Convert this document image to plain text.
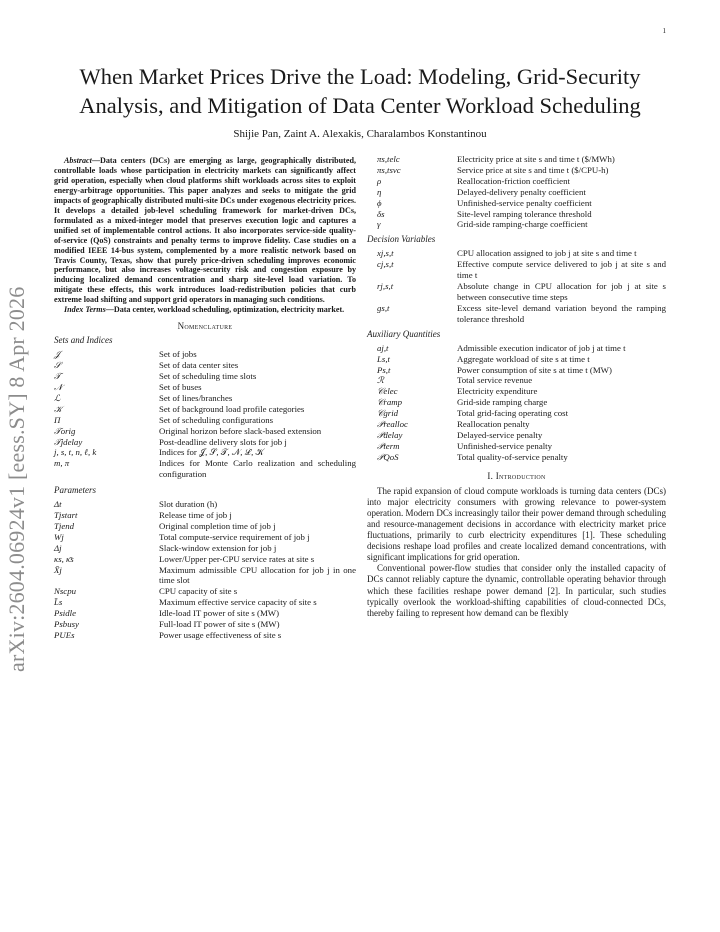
1
arXiv:2604.06924v1 [eess.SY] 8 Apr 2026
When Market Prices Drive the Load: Modeling, Grid-Security Analysis, and Mitigation of Data Center Workload Scheduling
Shijie Pan, Zaint A. Alexakis, Charalambos Konstantinou

Abstract—Data centers (DCs) are emerging as large, geographically distributed, controllable loads whose participation in electricity markets can significantly affect grid operation, especially when cloud platforms shift workloads across sites to exploit energy-arbitrage opportunities. This paper analyzes and seeks to mitigate the grid impacts of geographically distributed multi-site DCs under exogenous electricity prices. It develops a detailed job-level scheduling framework for market-driven DCs, formulated as a mixed-integer model that preserves execution logic and captures a unified set of implementable control actions. It also incorporates service-side quality-of-service (QoS) constraints and penalty terms to improve fidelity. Case studies on a modified IEEE 14-bus system, complemented by a more realistic network based on Travis County, Texas, show that purely price-driven scheduling improves economic performance, but also increases voltage-security risk and congestion exposure by inducing localized demand concentration and sharp site-level load variation. To mitigate these effects, this work introduces load-redistribution policies that curb extreme load shifting and support grid operators in managing such conditions.

Index Terms—Data center, workload scheduling, optimization, electricity market.

Nomenclature
Sets and Indices
𝒥	Set of jobs
𝒮	Set of data center sites
𝒯	Set of scheduling time slots
𝒩	Set of buses
ℒ	Set of lines/branches
𝒦	Set of background load profile categories
Π	Set of scheduling configurations
𝒯orig	Original horizon before slack-based extension
𝒯jdelay	Post-deadline delivery slots for job j
j, s, t, n, ℓ, k	Indices for 𝒥, 𝒮, 𝒯, 𝒩, ℒ, 𝒦
m, π	Indices for Monte Carlo realization and scheduling configuration
Parameters
Δt	Slot duration (h)
Tjstart	Release time of job j
Tjend	Original completion time of job j
Wj	Total compute-service requirement of job j
Δj	Slack-window extension for job j
κs, κ̄s	Lower/Upper per-CPU service rates at site s
X̄j	Maximum admissible CPU allocation for job j in one time slot
Nscpu	CPU capacity of site s
L̄s	Maximum effective service capacity of site s
Psidle	Idle-load IT power of site s (MW)
Psbusy	Full-load IT power of site s (MW)
PUEs	Power usage effectiveness of site s
πs,telc	Electricity price at site s and time t ($/MWh)
πs,tsvc	Service price at site s and time t ($/CPU-h)
ρ	Reallocation-friction coefficient
η	Delayed-delivery penalty coefficient
ϕ	Unfinished-service penalty coefficient
δs	Site-level ramping tolerance threshold
γ	Grid-side ramping-charge coefficient
Decision Variables
xj,s,t	CPU allocation assigned to job j at site s and time t
cj,s,t	Effective compute service delivered to job j at site s and time t
rj,s,t	Absolute change in CPU allocation for job j at site s between consecutive time steps
gs,t	Excess site-level demand variation beyond the ramping tolerance threshold
Auxiliary Quantities
aj,t	Admissible execution indicator of job j at time t
Ls,t	Aggregate workload of site s at time t
Ps,t	Power consumption of site s at time t (MW)
ℛ	Total service revenue
𝒞elec	Electricity expenditure
𝒞ramp	Grid-side ramping charge
𝒞grid	Total grid-facing operating cost
𝒫realloc	Reallocation penalty
𝒫delay	Delayed-service penalty
𝒫term	Unfinished-service penalty
𝒫QoS	Total quality-of-service penalty
I. Introduction

The rapid expansion of cloud compute workloads is turning data centers (DCs) into major electricity consumers with growing relevance to power-system operation. Modern DCs increasingly tailor their power demand through scheduling and resource-management decisions in accordance with electricity market price fluctuations, primarily to curb electricity expenditures [1]. These scheduling decisions reshape load profiles and create localized demand concentrations, with significant implications for grid operation.

Conventional power-flow studies that consider only the installed capacity of DCs cannot reliably capture the dynamic, controllable operating behavior through which these facilities reshape power demand [2]. In particular, such studies typically overlook the workload-shifting capabilities of cloud-connected DCs, thereby failing to represent how demand can be flexibly
